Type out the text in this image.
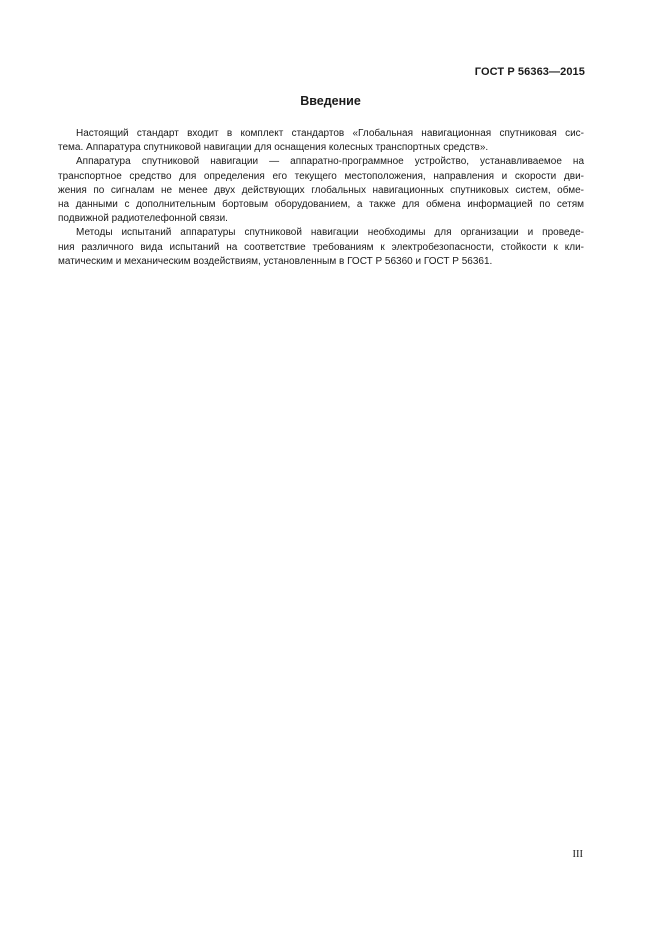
ГОСТ Р 56363—2015
Введение
Настоящий стандарт входит в комплект стандартов «Глобальная навигационная спутниковая сис-
тема. Аппаратура спутниковой навигации для оснащения колесных транспортных средств».
Аппаратура спутниковой навигации — аппаратно-программное устройство, устанавливаемое на
транспортное средство для определения его текущего местоположения, направления и скорости дви-
жения по сигналам не менее двух действующих глобальных навигационных спутниковых систем, обме-
на данными с дополнительным бортовым оборудованием, а также для обмена информацией по сетям
подвижной радиотелефонной связи.
Методы испытаний аппаратуры спутниковой навигации необходимы для организации и проведе-
ния различного вида испытаний на соответствие требованиям к электробезопасности, стойкости к кли-
матическим и механическим воздействиям, установленным в ГОСТ Р 56360 и ГОСТ Р 56361.
III
